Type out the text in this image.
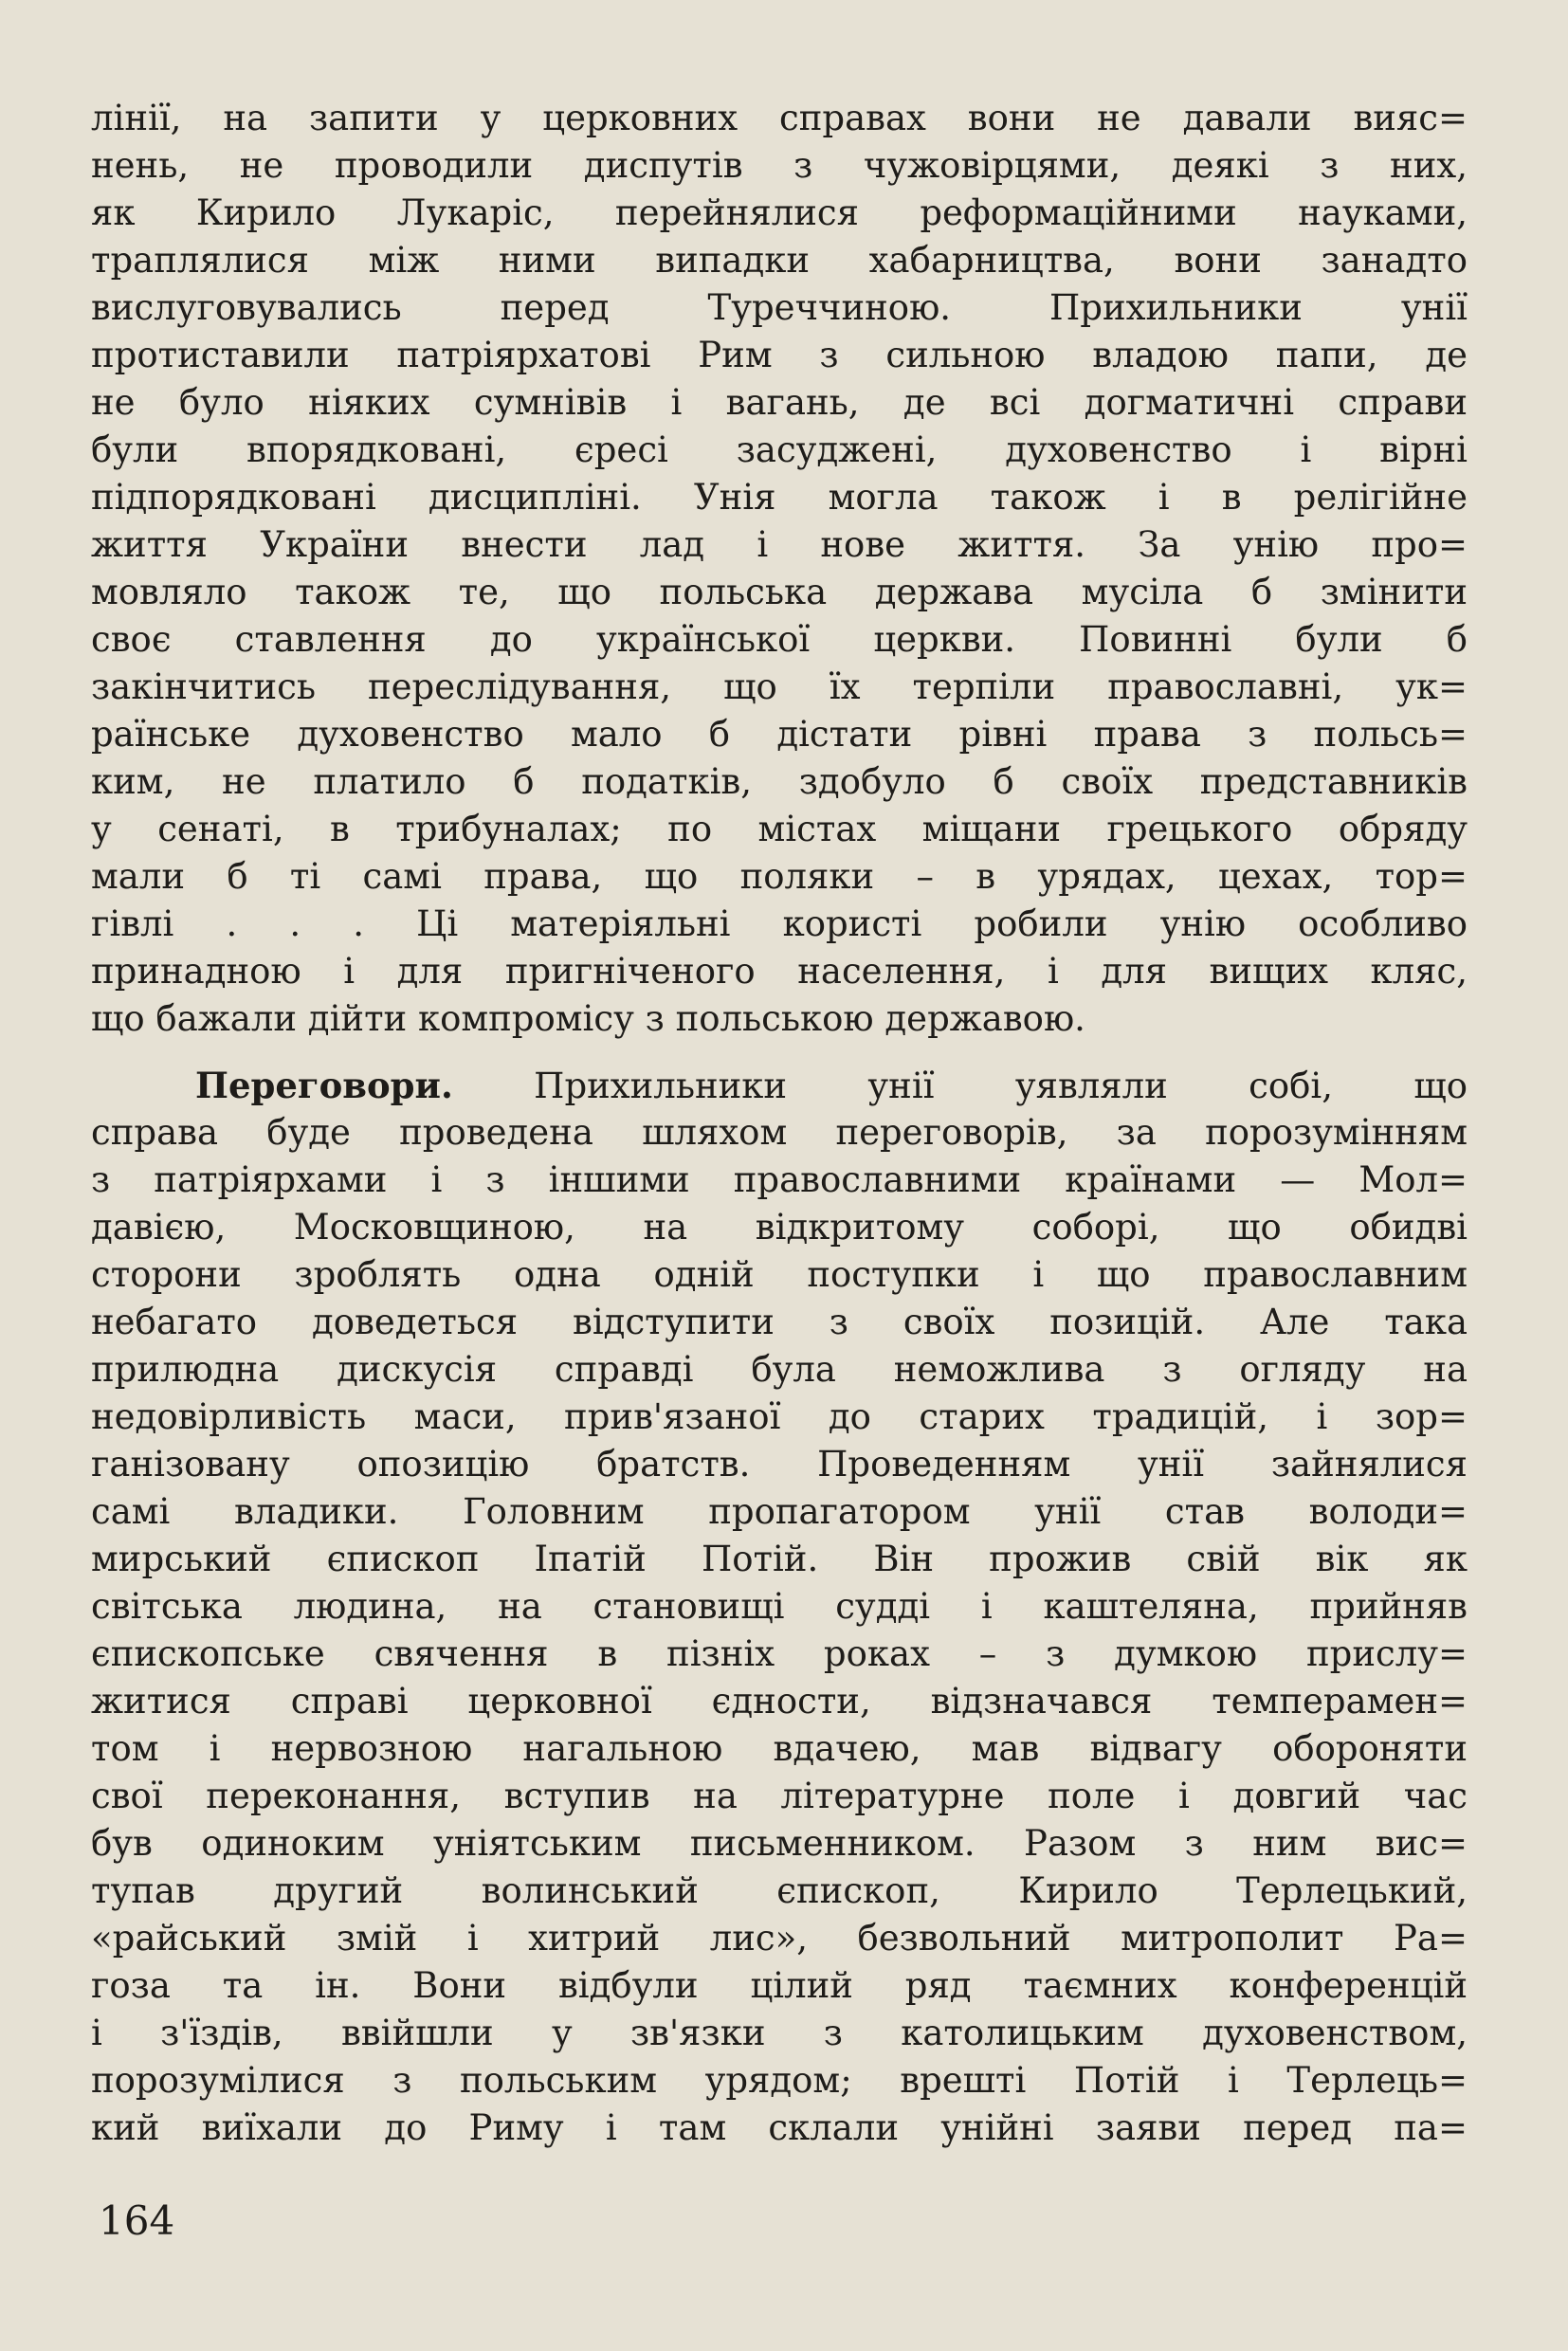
лінії, на запити у церковних справах вони не давали вияс=
нень, не проводили диспутів з чужовірцями, деякі з них,
як Кирило Лукаріс, перейнялися реформаційними науками,
траплялися між ними випадки хабарництва, вони занадто
вислуговувались перед Туреччиною. Прихильники унії
протиставили патріярхатові Рим з сильною владою папи, де
не було ніяких сумнівів і вагань, де всі догматичні справи
були впорядковані, єресі засуджені, духовенство і вірні
підпорядковані дисципліні. Унія могла також і в релігійне
життя України внести лад і нове життя. За унію про=
мовляло також те, що польська держава мусіла б змінити
своє ставлення до української церкви. Повинні були б
закінчитись переслідування, що їх терпіли православні, ук=
раїнське духовенство мало б дістати рівні права з польсь=
ким, не платило б податків, здобуло б своїх представників
у сенаті, в трибуналах; по містах міщани грецького обряду
мали б ті самі права, що поляки – в урядах, цехах, тор=
гівлі . . . Ці матеріяльні користі робили унію особливо
принадною і для пригніченого населення, і для вищих кляс,
що бажали дійти компромісу з польською державою.
Переговори. Прихильники унії уявляли собі, що
справа буде проведена шляхом переговорів, за порозумінням
з патріярхами і з іншими православними країнами — Мол=
давією, Московщиною, на відкритому соборі, що обидві
сторони зроблять одна одній поступки і що православним
небагато доведеться відступити з своїх позицій. Але така
прилюдна дискусія справді була неможлива з огляду на
недовірливість маси, прив'язаної до старих традицій, і зор=
ганізовану опозицію братств. Проведенням унії зайнялися
самі владики. Головним пропагатором унії став володи=
мирський єпископ Іпатій Потій. Він прожив свій вік як
світська людина, на становищі судді і каштеляна, прийняв
єпископське свячення в пізніх роках – з думкою прислу=
житися справі церковної єдности, відзначався темперамен=
том і нервозною нагальною вдачею, мав відвагу обороняти
свої переконання, вступив на літературне поле і довгий час
був одиноким уніятським письменником. Разом з ним вис=
тупав другий волинський єпископ, Кирило Терлецький,
«райський змій і хитрий лис», безвольний митрополит Ра=
гоза та ін. Вони відбули цілий ряд таємних конференцій
і з'їздів, ввійшли у зв'язки з католицьким духовенством,
порозумілися з польським урядом; врешті Потій і Терлець=
кий виїхали до Риму і там склали унійні заяви перед па=
164
